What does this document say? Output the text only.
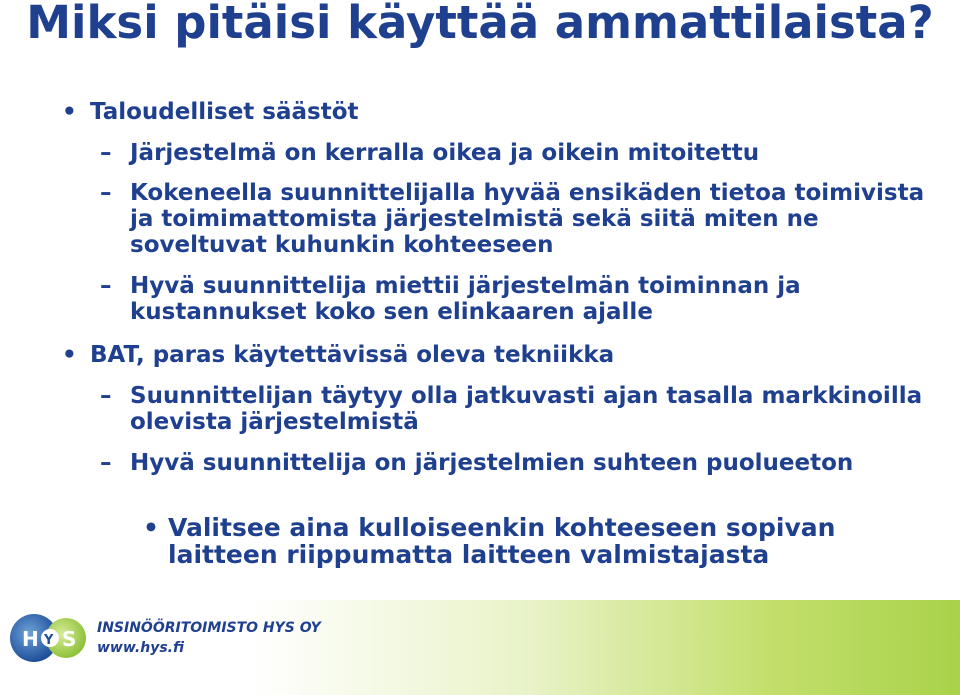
Miksi pitäisi käyttää ammattilaista?
• Taloudelliset säästöt
– Järjestelmä on kerralla oikea ja oikein mitoitettu
– Kokeneella suunnittelijalla hyvää ensikäden tietoa toimivista ja toimimattomista järjestelmistä sekä siitä miten ne soveltuvat kuhunkin kohteeseen
– Hyvä suunnittelija miettii järjestelmän toiminnan ja kustannukset koko sen elinkaaren ajalle
• BAT, paras käytettävissä oleva tekniikka
– Suunnittelijan täytyy olla jatkuvasti ajan tasalla markkinoilla olevista järjestelmistä
– Hyvä suunnittelija on järjestelmien suhteen puolueeton
• Valitsee aina kulloiseenkin kohteeseen sopivan laitteen riippumatta laitteen valmistajasta
H Y S INSINÖÖRITOIMISTO HYS OY
www.hys.fi
